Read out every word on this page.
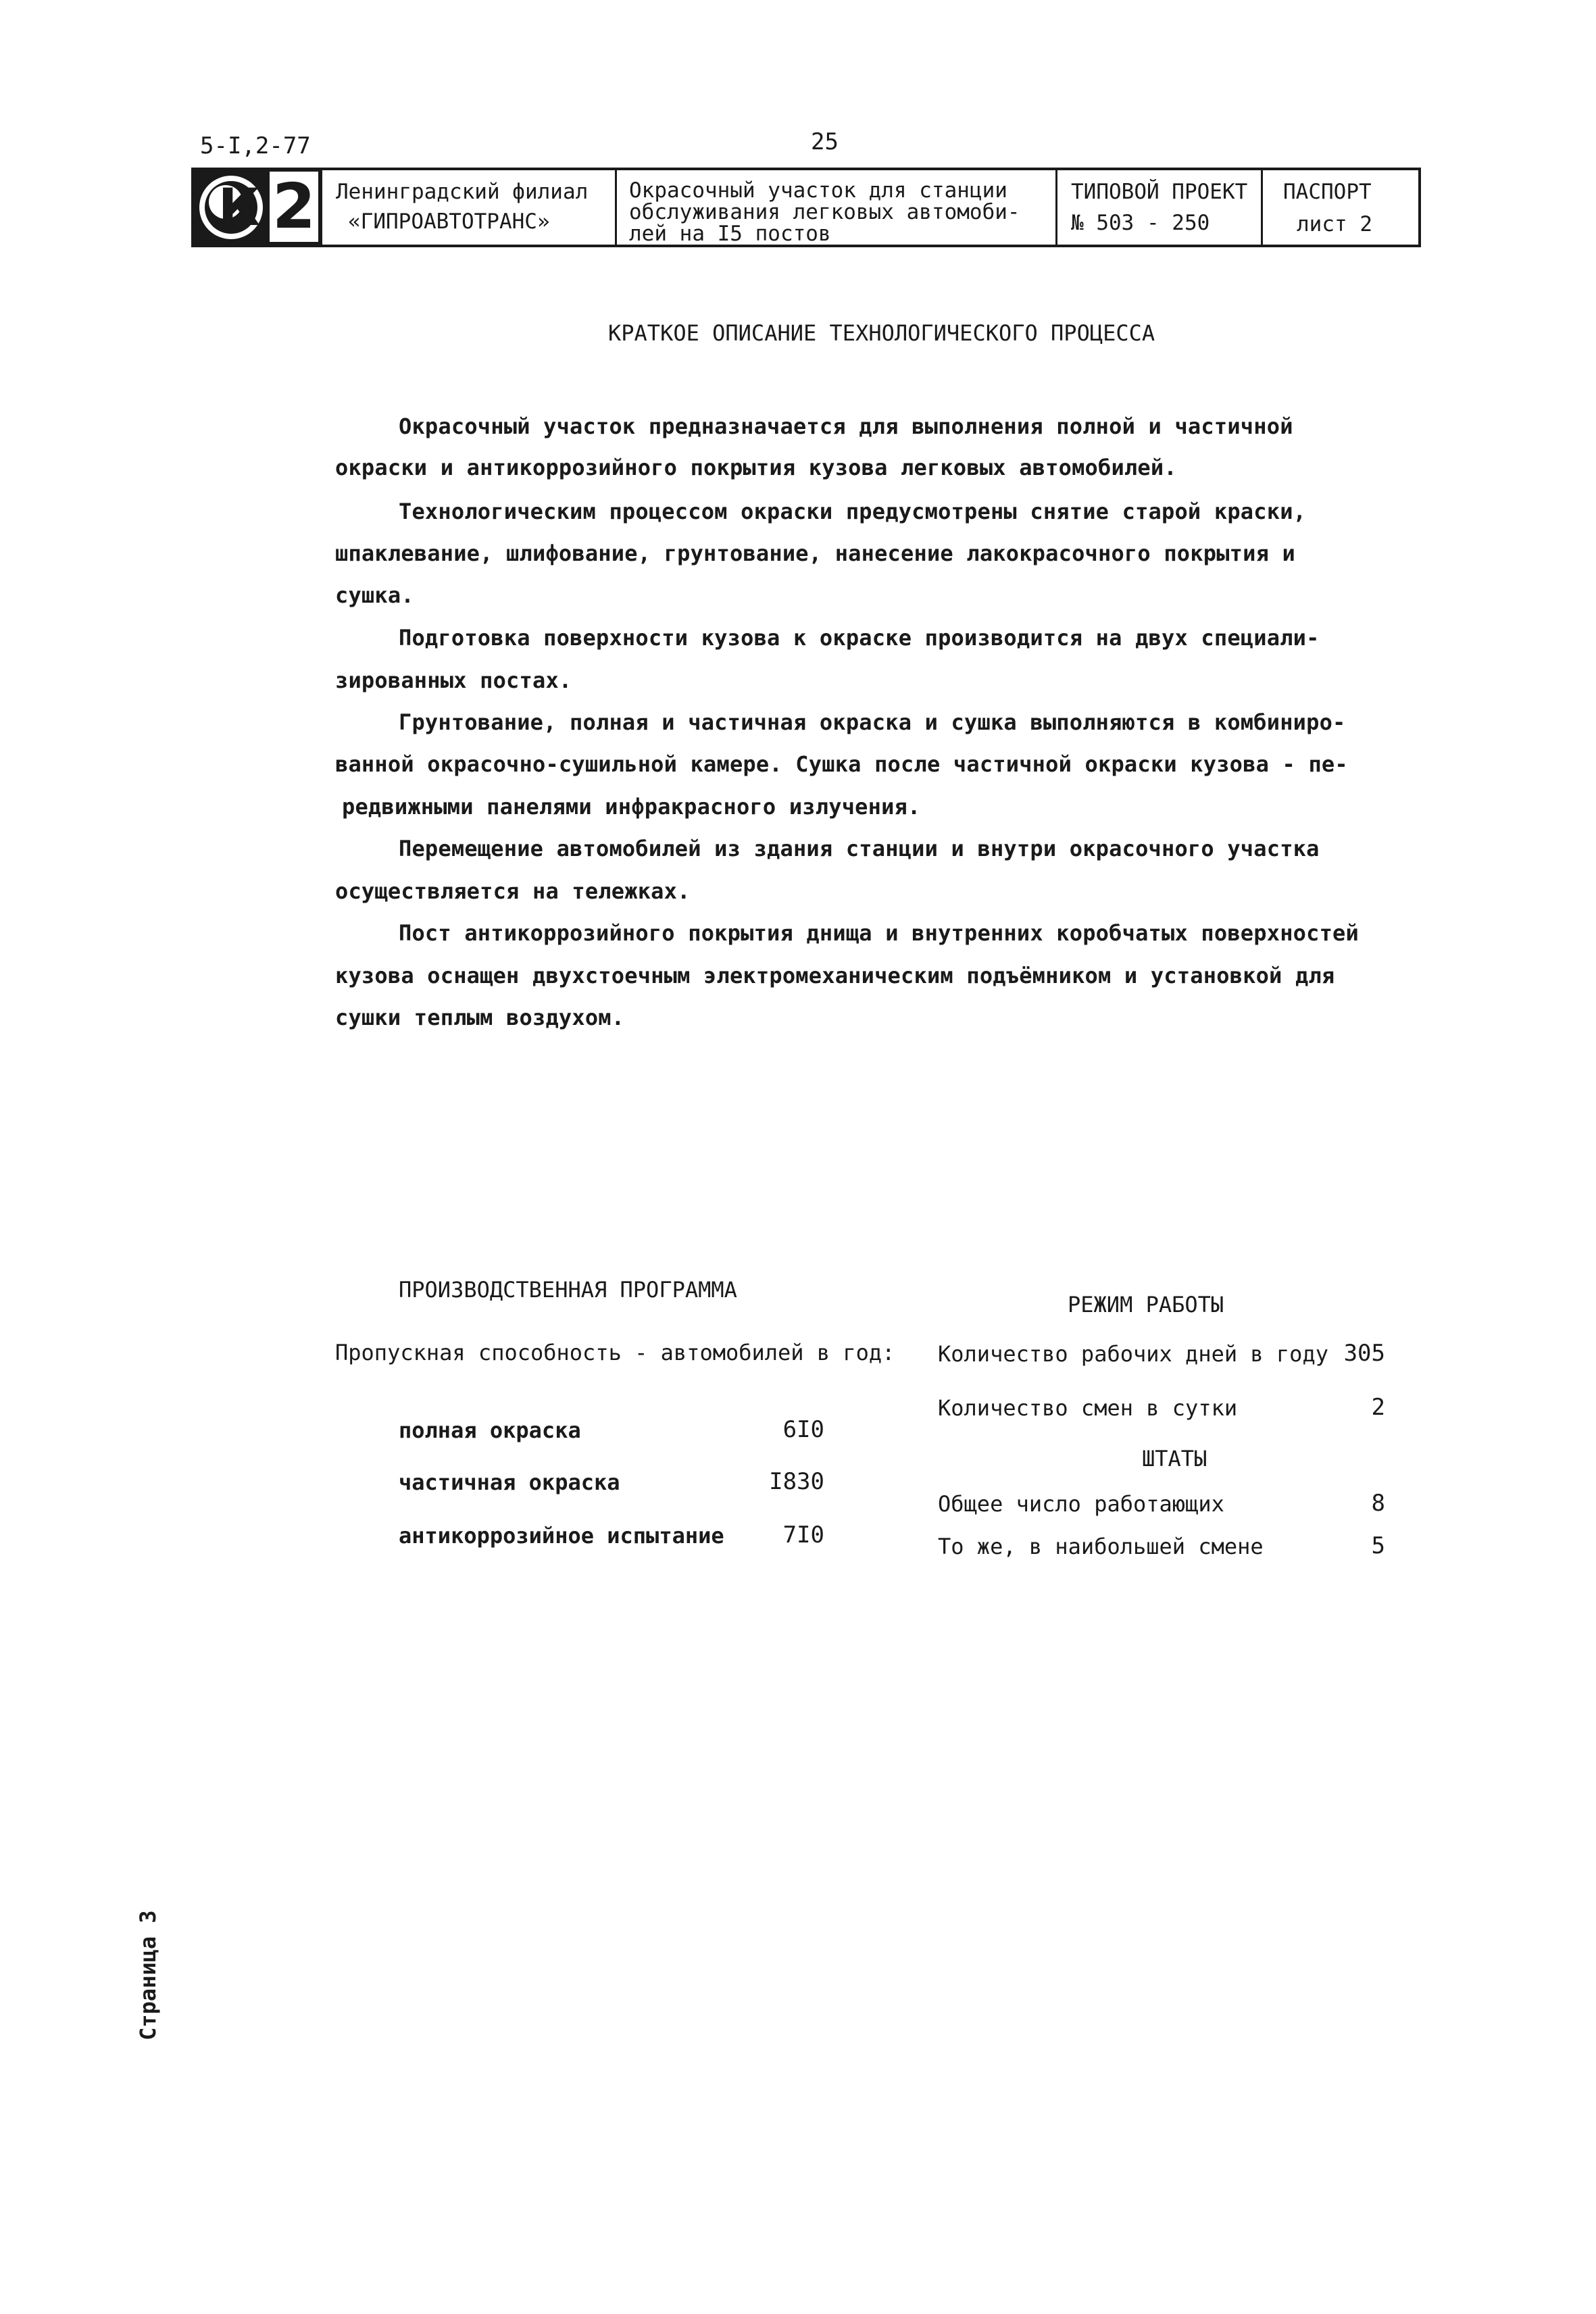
5-I,2-77	25
К 2 Ленинградский филиал
«ГИПРОАВТОТРАНС»
Окрасочный участок для станции
обслуживания легковых автомоби-
лей на I5 постов
ТИПОВОЙ ПРОЕКТ
№ 503 - 250
ПАСПОРТ
лист 2
КРАТКОЕ ОПИСАНИЕ ТЕХНОЛОГИЧЕСКОГО ПРОЦЕССА
Окрасочный участок предназначается для выполнения полной и частичной
окраски и антикоррозийного покрытия кузова легковых автомобилей.
Технологическим процессом окраски предусмотрены снятие старой краски,
шпаклевание, шлифование, грунтование, нанесение лакокрасочного покрытия и
сушка.
Подготовка поверхности кузова к окраске производится на двух специали-
зированных постах.
Грунтование, полная и частичная окраска и сушка выполняются в комбиниро-
ванной окрасочно-сушильной камере. Сушка после частичной окраски кузова - пе-
редвижными панелями инфракрасного излучения.
Перемещение автомобилей из здания станции и внутри окрасочного участка
осуществляется на тележках.
Пост антикоррозийного покрытия днища и внутренних коробчатых поверхностей
кузова оснащен двухстоечным электромеханическим подъёмником и установкой для
сушки теплым воздухом.
ПРОИЗВОДСТВЕННАЯ ПРОГРАММА
Пропускная способность - автомобилей в год:
полная окраска	6I0
частичная окраска	I830
антикоррозийное испытание	7I0
РЕЖИМ РАБОТЫ
Количество рабочих дней в году 305
Количество смен в сутки	2
ШТАТЫ
Общее число работающих	8
То же, в наибольшей смене	5
Страница 3
